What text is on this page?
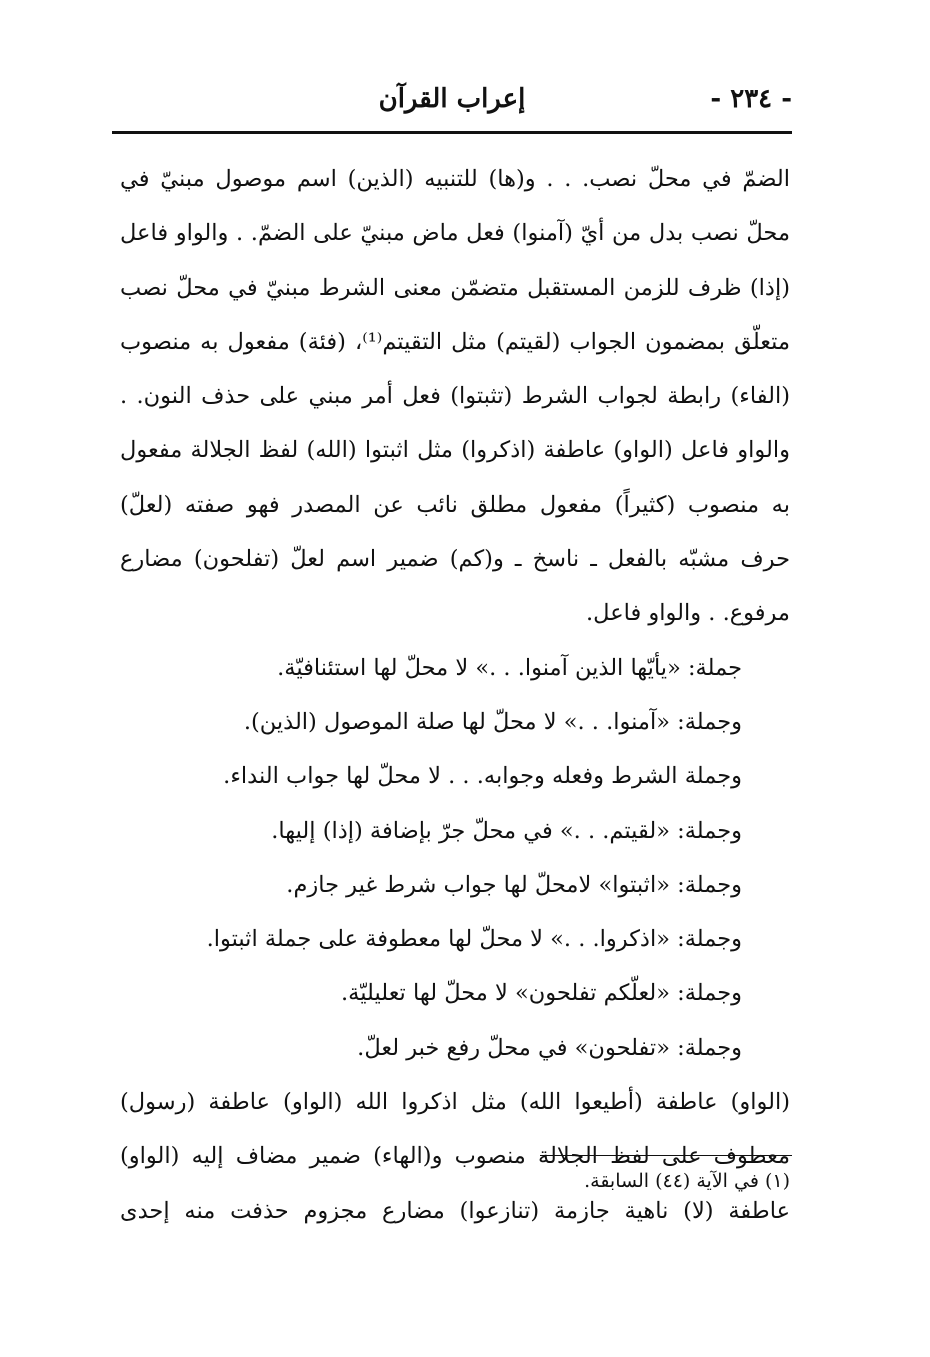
- ٢٣٤ -
إعراب القرآن

الضمّ في محلّ نصب. . . و(ها) للتنبيه (الذين) اسم موصول مبنيّ في محلّ نصب بدل من أيّ (آمنوا) فعل ماض مبنيّ على الضمّ. . والواو فاعل (إذا) ظرف للزمن المستقبل متضمّن معنى الشرط مبنيّ في محلّ نصب متعلّق بمضمون الجواب (لقيتم) مثل التقيتم⁽¹⁾، (فئة) مفعول به منصوب (الفاء) رابطة لجواب الشرط (تثبتوا) فعل أمر مبني على حذف النون. . والواو فاعل (الواو) عاطفة (اذكروا) مثل اثبتوا (الله) لفظ الجلالة مفعول به منصوب (كثيراً) مفعول مطلق نائب عن المصدر فهو صفته (لعلّ) حرف مشبّه بالفعل ـ ناسخ ـ و(كم) ضمير اسم لعلّ (تفلحون) مضارع مرفوع. . والواو فاعل.

جملة: «يأيّها الذين آمنوا. . .» لا محلّ لها استئنافيّة.
وجملة: «آمنوا. . .» لا محلّ لها صلة الموصول (الذين).
وجملة الشرط وفعله وجوابه. . . لا محلّ لها جواب النداء.
وجملة: «لقيتم. . .» في محلّ جرّ بإضافة (إذا) إليها.
وجملة: «اثبتوا» لامحلّ لها جواب شرط غير جازم.
وجملة: «اذكروا. . .» لا محلّ لها معطوفة على جملة اثبتوا.
وجملة: «لعلّكم تفلحون» لا محلّ لها تعليليّة.
وجملة: «تفلحون» في محلّ رفع خبر لعلّ.

(الواو) عاطفة (أطيعوا الله) مثل اذكروا الله (الواو) عاطفة (رسول) معطوف على لفظ الجلالة منصوب و(الهاء) ضمير مضاف إليه (الواو) عاطفة (لا) ناهية جازمة (تنازعوا) مضارع مجزوم حذفت منه إحدى

(١) في الآية (٤٤) السابقة.
